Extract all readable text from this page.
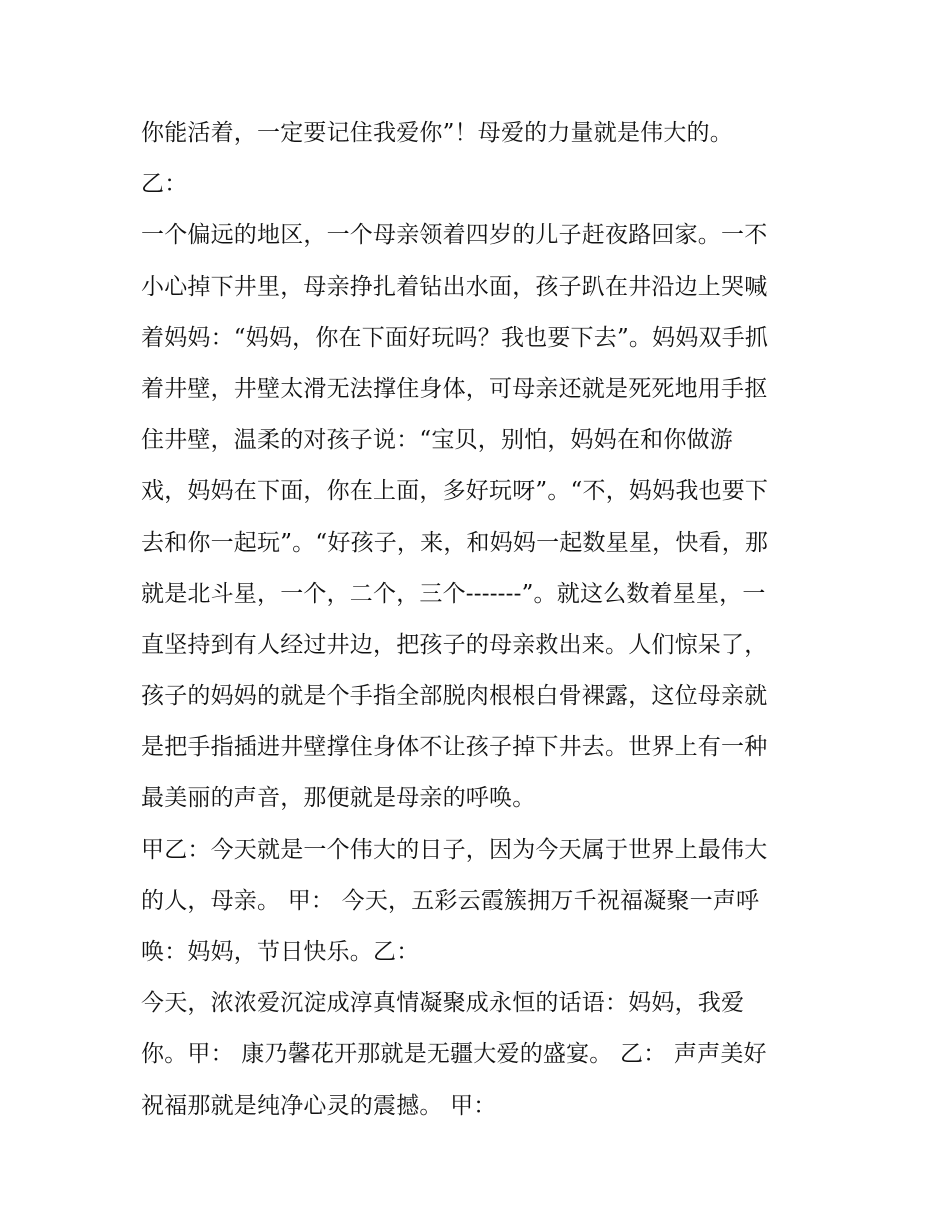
你能活着，一定要记住我爱你”！母爱的力量就是伟大的。
乙：
一个偏远的地区，一个母亲领着四岁的儿子赶夜路回家。一不
小心掉下井里，母亲挣扎着钻出水面，孩子趴在井沿边上哭喊
着妈妈：“妈妈，你在下面好玩吗？我也要下去”。妈妈双手抓
着井壁，井壁太滑无法撑住身体，可母亲还就是死死地用手抠
住井壁，温柔的对孩子说：“宝贝，别怕，妈妈在和你做游
戏，妈妈在下面，你在上面，多好玩呀”。“不，妈妈我也要下
去和你一起玩”。“好孩子，来，和妈妈一起数星星，快看，那
就是北斗星，一个，二个，三个-------”。就这么数着星星，一
直坚持到有人经过井边，把孩子的母亲救出来。人们惊呆了，
孩子的妈妈的就是个手指全部脱肉根根白骨裸露，这位母亲就
是把手指插进井壁撑住身体不让孩子掉下井去。世界上有一种
最美丽的声音，那便就是母亲的呼唤。
甲乙：今天就是一个伟大的日子，因为今天属于世界上最伟大
的人，母亲。 甲： 今天，五彩云霞簇拥万千祝福凝聚一声呼
唤：妈妈，节日快乐。乙：
今天，浓浓爱沉淀成淳真情凝聚成永恒的话语：妈妈，我爱
你。甲： 康乃馨花开那就是无疆大爱的盛宴。 乙： 声声美好
祝福那就是纯净心灵的震撼。 甲：
